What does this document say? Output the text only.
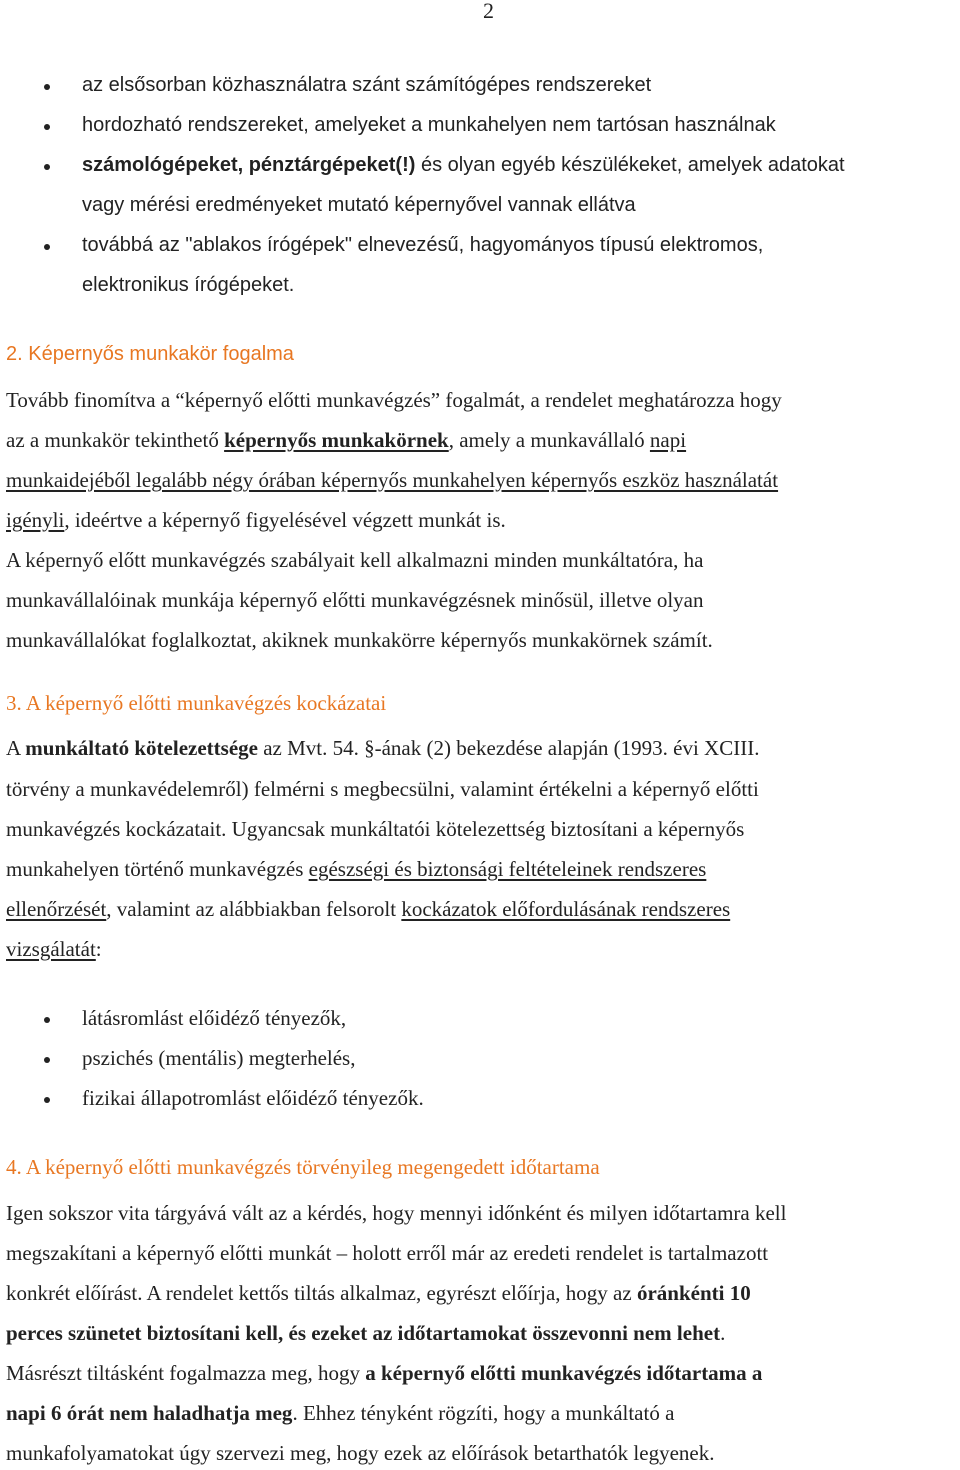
2
az elsősorban közhasználatra szánt számítógépes rendszereket
hordozható rendszereket, amelyeket a munkahelyen nem tartósan használnak
számológépeket, pénztárgépeket(!) és olyan egyéb készülékeket, amelyek adatokat
vagy mérési eredményeket mutató képernyővel vannak ellátva
továbbá az "ablakos írógépek" elnevezésű, hagyományos típusú elektromos,
elektronikus írógépeket.
2. Képernyős munkakör fogalma
Tovább finomítva a “képernyő előtti munkavégzés” fogalmát, a rendelet meghatározza hogy
az a munkakör tekinthető képernyős munkakörnek, amely a munkavállaló napi
munkaidejéből legalább négy órában képernyős munkahelyen képernyős eszköz használatát
igényli, ideértve a képernyő figyelésével végzett munkát is.
A képernyő előtt munkavégzés szabályait kell alkalmazni minden munkáltatóra, ha
munkavállalóinak munkája képernyő előtti munkavégzésnek minősül, illetve olyan
munkavállalókat foglalkoztat, akiknek munkakörre képernyős munkakörnek számít.
3. A képernyő előtti munkavégzés kockázatai
A munkáltató kötelezettsége az Mvt. 54. §-ának (2) bekezdése alapján (1993. évi XCIII.
törvény a munkavédelemről) felmérni s megbecsülni, valamint értékelni a képernyő előtti
munkavégzés kockázatait. Ugyancsak munkáltatói kötelezettség biztosítani a képernyős
munkahelyen történő munkavégzés egészségi és biztonsági feltételeinek rendszeres
ellenőrzését, valamint az alábbiakban felsorolt kockázatok előfordulásának rendszeres
vizsgálatát:
látásromlást előidéző tényezők,
pszichés (mentális) megterhelés,
fizikai állapotromlást előidéző tényezők.
4. A képernyő előtti munkavégzés törvényileg megengedett időtartama
Igen sokszor vita tárgyává vált az a kérdés, hogy mennyi időnként és milyen időtartamra kell
megszakítani a képernyő előtti munkát – holott erről már az eredeti rendelet is tartalmazott
konkrét előírást. A rendelet kettős tiltás alkalmaz, egyrészt előírja, hogy az óránkénti 10
perces szünetet biztosítani kell, és ezeket az időtartamokat összevonni nem lehet.
Másrészt tiltásként fogalmazza meg, hogy a képernyő előtti munkavégzés időtartama a
napi 6 órát nem haladhatja meg. Ehhez tényként rögzíti, hogy a munkáltató a
munkafolyamatokat úgy szervezi meg, hogy ezek az előírások betarthatók legyenek.
